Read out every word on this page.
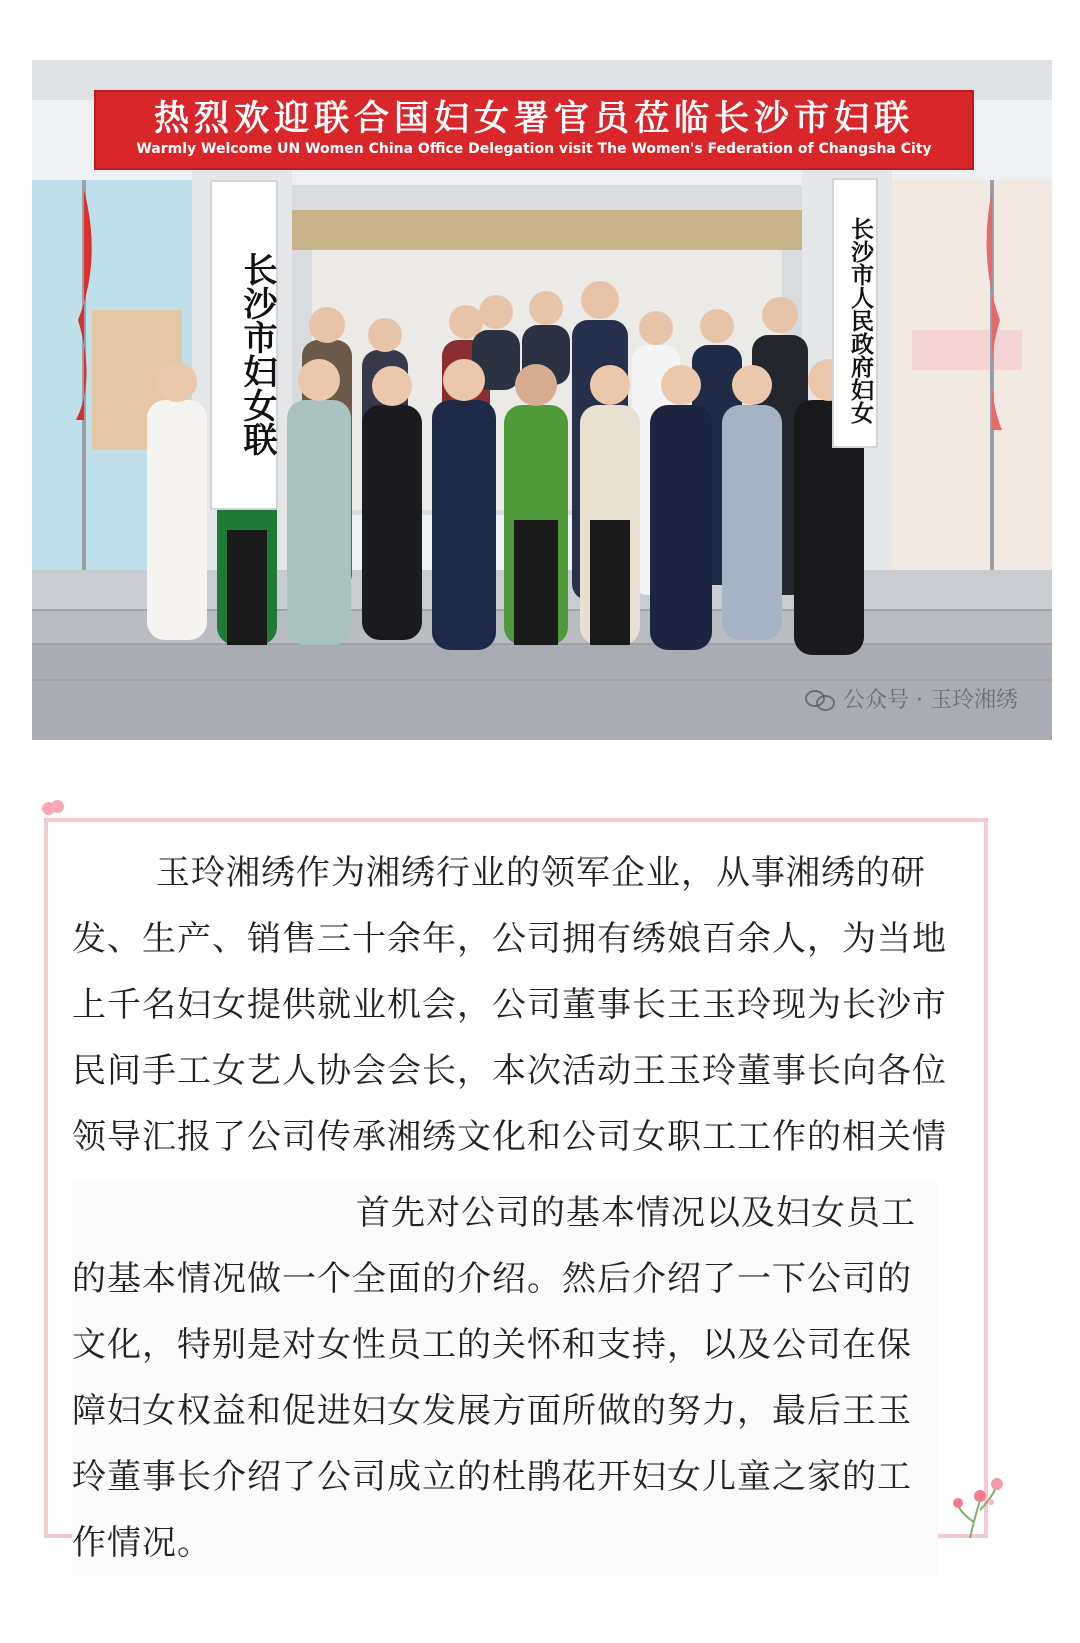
热烈欢迎联合国妇女署官员莅临长沙市妇联
Warmly Welcome UN Women China Office Delegation visit The Women's Federation of Changsha City
长沙市妇女联	长沙市人民政府妇女
公众号 · 玉玲湘绣

玉玲湘绣作为湘绣行业的领军企业，从事湘绣的研发、生产、销售三十余年，公司拥有绣娘百余人，为当地上千名妇女提供就业机会，公司董事长王玉玲现为长沙市民间手工女艺人协会会长，本次活动王玉玲董事长向各位领导汇报了公司传承湘绣文化和公司女职工工作的相关情

首先对公司的基本情况以及妇女员工的基本情况做一个全面的介绍。然后介绍了一下公司的文化，特别是对女性员工的关怀和支持，以及公司在保障妇女权益和促进妇女发展方面所做的努力，最后王玉玲董事长介绍了公司成立的杜鹃花开妇女儿童之家的工作情况。
